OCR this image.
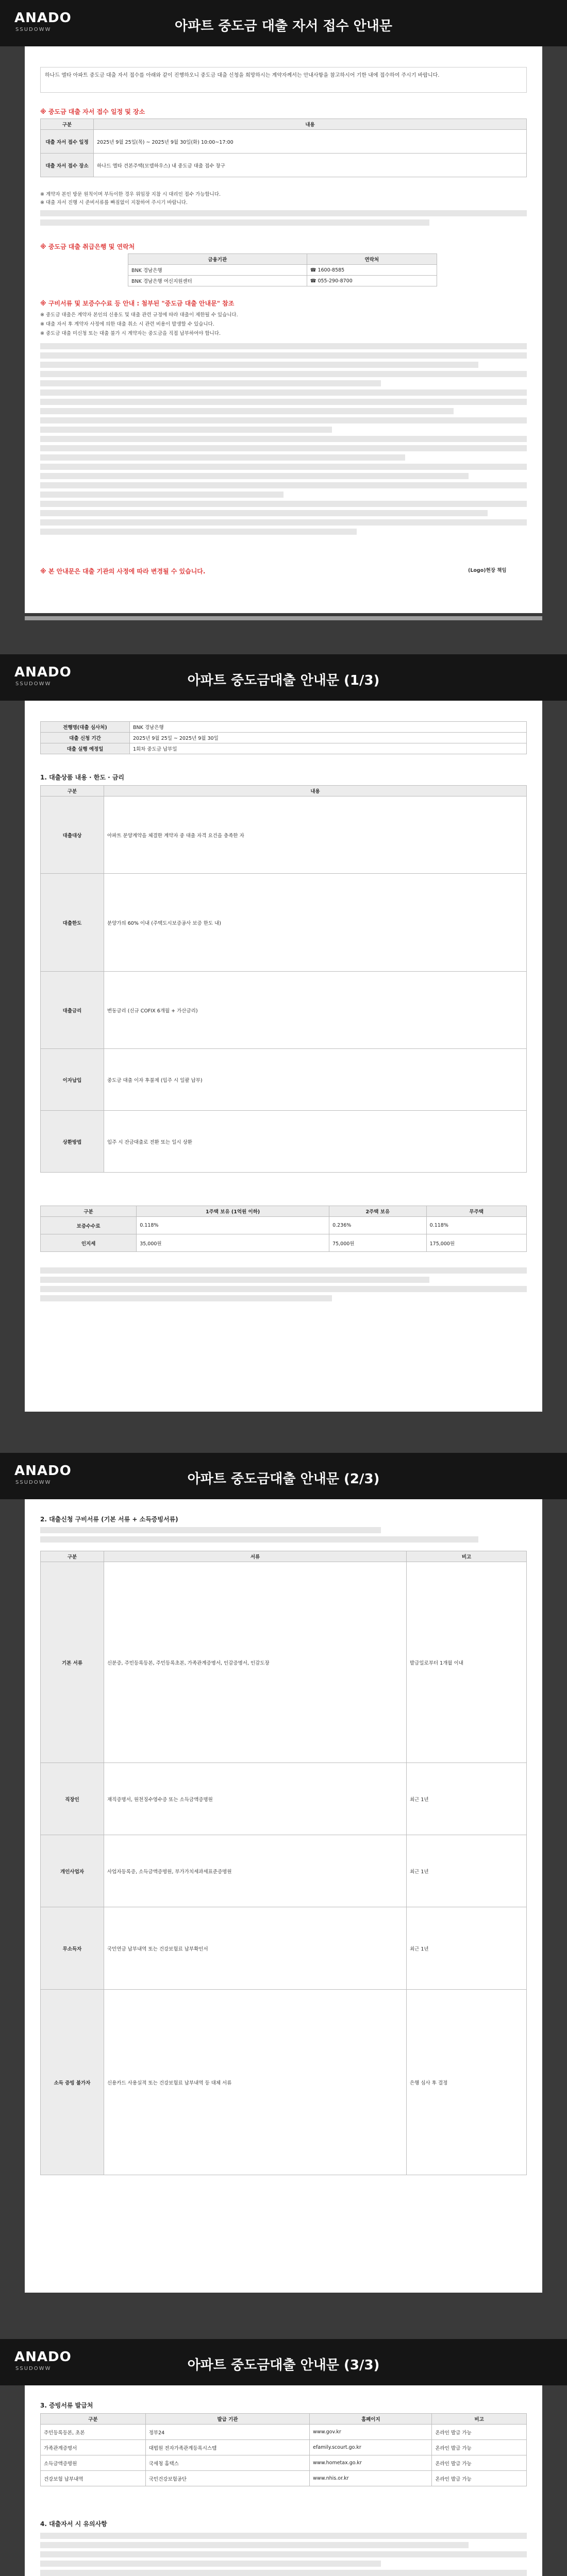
ANADO
SSUDOWW	아파트 중도금 대출 자서 접수 안내문
하나드 엘타 아파트 중도금 대출 자서 접수를 아래와 같이 진행하오니 중도금 대출 신청을 희망하시는 계약자께서는 안내사항을 참고하시어 기한 내에 접수하여 주시기 바랍니다.
※ 중도금 대출 자서 접수 일정 및 장소
구분	내용
대출 자서 접수 일정	2025년 9월 25일(목) ~ 2025년 9월 30일(화) 10:00~17:00
대출 자서 접수 장소	하나드 엘타 견본주택(모델하우스) 내 중도금 대출 접수 창구
※ 계약자 본인 방문 원칙이며 부득이한 경우 위임장 지참 시 대리인 접수 가능합니다.
※ 대출 자서 진행 시 준비서류를 빠짐없이 지참하여 주시기 바랍니다.
※ 중도금 대출 취급은행 및 연락처
금융기관	연락처
BNK 경남은행	☎ 1600-8585
BNK 경남은행 여신지원센터	☎ 055-290-8700
※ 구비서류 및 보증수수료 등 안내 : 첨부된 "중도금 대출 안내문" 참조
※ 중도금 대출은 계약자 본인의 신용도 및 대출 관련 규정에 따라 대출이 제한될 수 있습니다.
※ 대출 자서 후 계약자 사정에 의한 대출 취소 시 관련 비용이 발생할 수 있습니다.
※ 중도금 대출 미신청 또는 대출 불가 시 계약자는 중도금을 직접 납부하여야 합니다.
※ 본 안내문은 대출 기관의 사정에 따라 변경될 수 있습니다.	(Logo)현장 책임
ANADO
SSUDOWW	아파트 중도금대출 안내문 (1/3)
전행명(대출 심사처)	BNK 경남은행
대출 신청 기간	2025년 9월 25일 ~ 2025년 9월 30일
대출 실행 예정일	1회차 중도금 납부일
1. 대출상품 내용 · 한도 · 금리
구분	내용
대출대상	아파트 분양계약을 체결한 계약자 중 대출 자격 요건을 충족한 자
대출한도	분양가의 60% 이내 (주택도시보증공사 보증 한도 내)
대출금리	변동금리 (신규 COFIX 6개월 + 가산금리)
이자납입	중도금 대출 이자 후불제 (입주 시 일괄 납부)
상환방법	입주 시 잔금대출로 전환 또는 일시 상환
구분	1주택 보유 (1억원 이하)	2주택 보유	무주택
보증수수료	0.118%	0.236%	0.118%
인지세	35,000원	75,000원	175,000원
ANADO
SSUDOWW	아파트 중도금대출 안내문 (2/3)
2. 대출신청 구비서류 (기본 서류 + 소득증빙서류)
구분	서류	비고
기본 서류	신분증, 주민등록등본, 주민등록초본, 가족관계증명서, 인감증명서, 인감도장	발급일로부터 1개월 이내
직장인	재직증명서, 원천징수영수증 또는 소득금액증명원	최근 1년
개인사업자	사업자등록증, 소득금액증명원, 부가가치세과세표준증명원	최근 1년
무소득자	국민연금 납부내역 또는 건강보험료 납부확인서	최근 1년
소득 증빙 불가자	신용카드 사용실적 또는 건강보험료 납부내역 등 대체 서류	은행 심사 후 결정
ANADO
SSUDOWW	아파트 중도금대출 안내문 (3/3)
3. 증빙서류 발급처
구분	발급 기관	홈페이지	비고
주민등록등본, 초본	정부24	www.gov.kr	온라인 발급 가능
가족관계증명서	대법원 전자가족관계등록시스템	efamily.scourt.go.kr	온라인 발급 가능
소득금액증명원	국세청 홈택스	www.hometax.go.kr	온라인 발급 가능
건강보험 납부내역	국민건강보험공단	www.nhis.or.kr	온라인 발급 가능
4. 대출자서 시 유의사항
